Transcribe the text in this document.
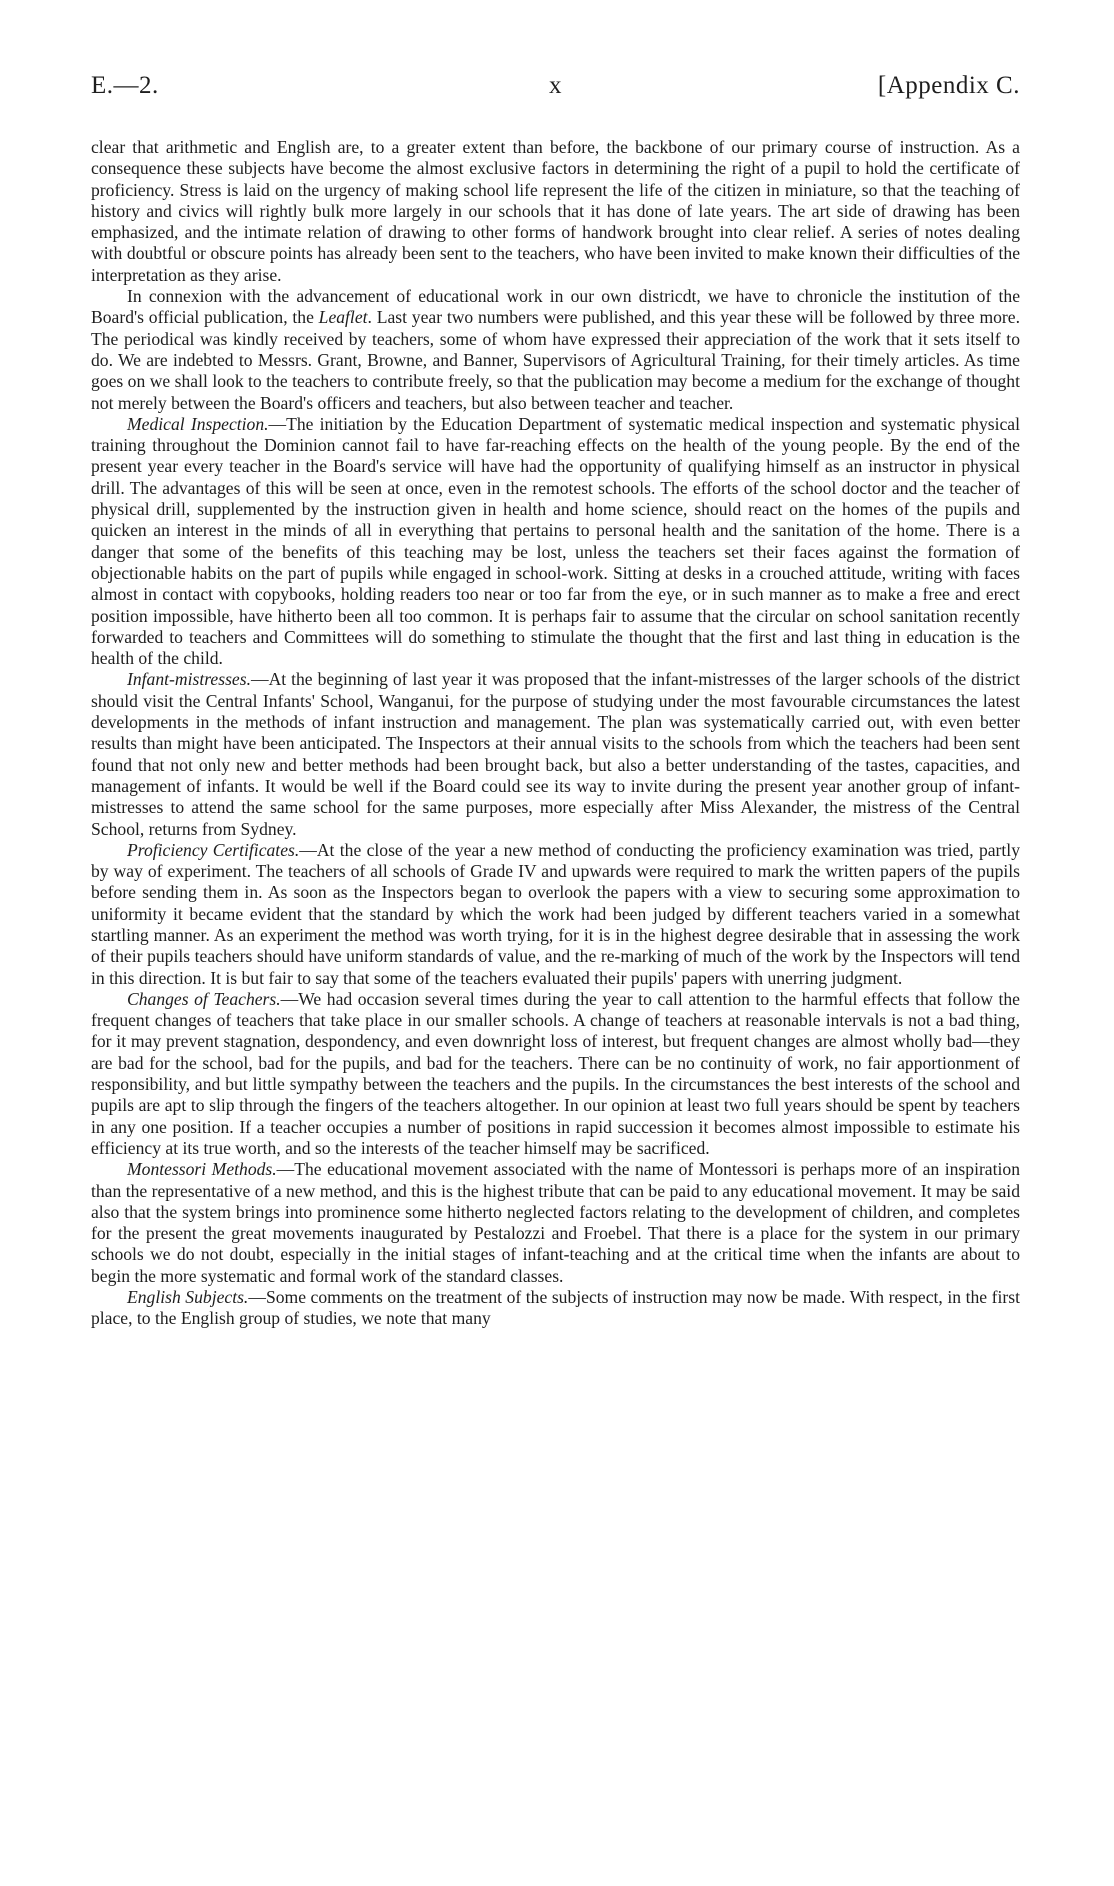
E.—2.	x	[Appendix C.

clear that arithmetic and English are, to a greater extent than before, the backbone of our primary course of instruction. As a consequence these subjects have become the almost exclusive factors in determining the right of a pupil to hold the certificate of proficiency. Stress is laid on the urgency of making school life represent the life of the citizen in miniature, so that the teaching of history and civics will rightly bulk more largely in our schools that it has done of late years. The art side of drawing has been emphasized, and the intimate relation of drawing to other forms of handwork brought into clear relief. A series of notes dealing with doubtful or obscure points has already been sent to the teachers, who have been invited to make known their difficulties of the interpretation as they arise.

In connexion with the advancement of educational work in our own districdt, we have to chronicle the institution of the Board's official publication, the Leaflet. Last year two numbers were published, and this year these will be followed by three more. The periodical was kindly received by teachers, some of whom have expressed their appreciation of the work that it sets itself to do. We are indebted to Messrs. Grant, Browne, and Banner, Supervisors of Agricultural Training, for their timely articles. As time goes on we shall look to the teachers to contribute freely, so that the publication may become a medium for the exchange of thought not merely between the Board's officers and teachers, but also between teacher and teacher.

Medical Inspection.—The initiation by the Education Department of systematic medical inspection and systematic physical training throughout the Dominion cannot fail to have far-reaching effects on the health of the young people. By the end of the present year every teacher in the Board's service will have had the opportunity of qualifying himself as an instructor in physical drill. The advantages of this will be seen at once, even in the remotest schools. The efforts of the school doctor and the teacher of physical drill, supplemented by the instruction given in health and home science, should react on the homes of the pupils and quicken an interest in the minds of all in everything that pertains to personal health and the sanitation of the home. There is a danger that some of the benefits of this teaching may be lost, unless the teachers set their faces against the formation of objectionable habits on the part of pupils while engaged in school-work. Sitting at desks in a crouched attitude, writing with faces almost in contact with copybooks, holding readers too near or too far from the eye, or in such manner as to make a free and erect position impossible, have hitherto been all too common. It is perhaps fair to assume that the circular on school sanitation recently forwarded to teachers and Committees will do something to stimulate the thought that the first and last thing in education is the health of the child.

Infant-mistresses.—At the beginning of last year it was proposed that the infant-mistresses of the larger schools of the district should visit the Central Infants' School, Wanganui, for the purpose of studying under the most favourable circumstances the latest developments in the methods of infant instruction and management. The plan was systematically carried out, with even better results than might have been anticipated. The Inspectors at their annual visits to the schools from which the teachers had been sent found that not only new and better methods had been brought back, but also a better understanding of the tastes, capacities, and management of infants. It would be well if the Board could see its way to invite during the present year another group of infant-mistresses to attend the same school for the same purposes, more especially after Miss Alexander, the mistress of the Central School, returns from Sydney.

Proficiency Certificates.—At the close of the year a new method of conducting the proficiency examination was tried, partly by way of experiment. The teachers of all schools of Grade IV and upwards were required to mark the written papers of the pupils before sending them in. As soon as the Inspectors began to overlook the papers with a view to securing some approximation to uniformity it became evident that the standard by which the work had been judged by different teachers varied in a somewhat startling manner. As an experiment the method was worth trying, for it is in the highest degree desirable that in assessing the work of their pupils teachers should have uniform standards of value, and the re-marking of much of the work by the Inspectors will tend in this direction. It is but fair to say that some of the teachers evaluated their pupils' papers with unerring judgment.

Changes of Teachers.—We had occasion several times during the year to call attention to the harmful effects that follow the frequent changes of teachers that take place in our smaller schools. A change of teachers at reasonable intervals is not a bad thing, for it may prevent stagnation, despondency, and even downright loss of interest, but frequent changes are almost wholly bad—they are bad for the school, bad for the pupils, and bad for the teachers. There can be no continuity of work, no fair apportionment of responsibility, and but little sympathy between the teachers and the pupils. In the circumstances the best interests of the school and pupils are apt to slip through the fingers of the teachers altogether. In our opinion at least two full years should be spent by teachers in any one position. If a teacher occupies a number of positions in rapid succession it becomes almost impossible to estimate his efficiency at its true worth, and so the interests of the teacher himself may be sacrificed.

Montessori Methods.—The educational movement associated with the name of Montessori is perhaps more of an inspiration than the representative of a new method, and this is the highest tribute that can be paid to any educational movement. It may be said also that the system brings into prominence some hitherto neglected factors relating to the development of children, and completes for the present the great movements inaugurated by Pestalozzi and Froebel. That there is a place for the system in our primary schools we do not doubt, especially in the initial stages of infant-teaching and at the critical time when the infants are about to begin the more systematic and formal work of the standard classes.

English Subjects.—Some comments on the treatment of the subjects of instruction may now be made. With respect, in the first place, to the English group of studies, we note that many
